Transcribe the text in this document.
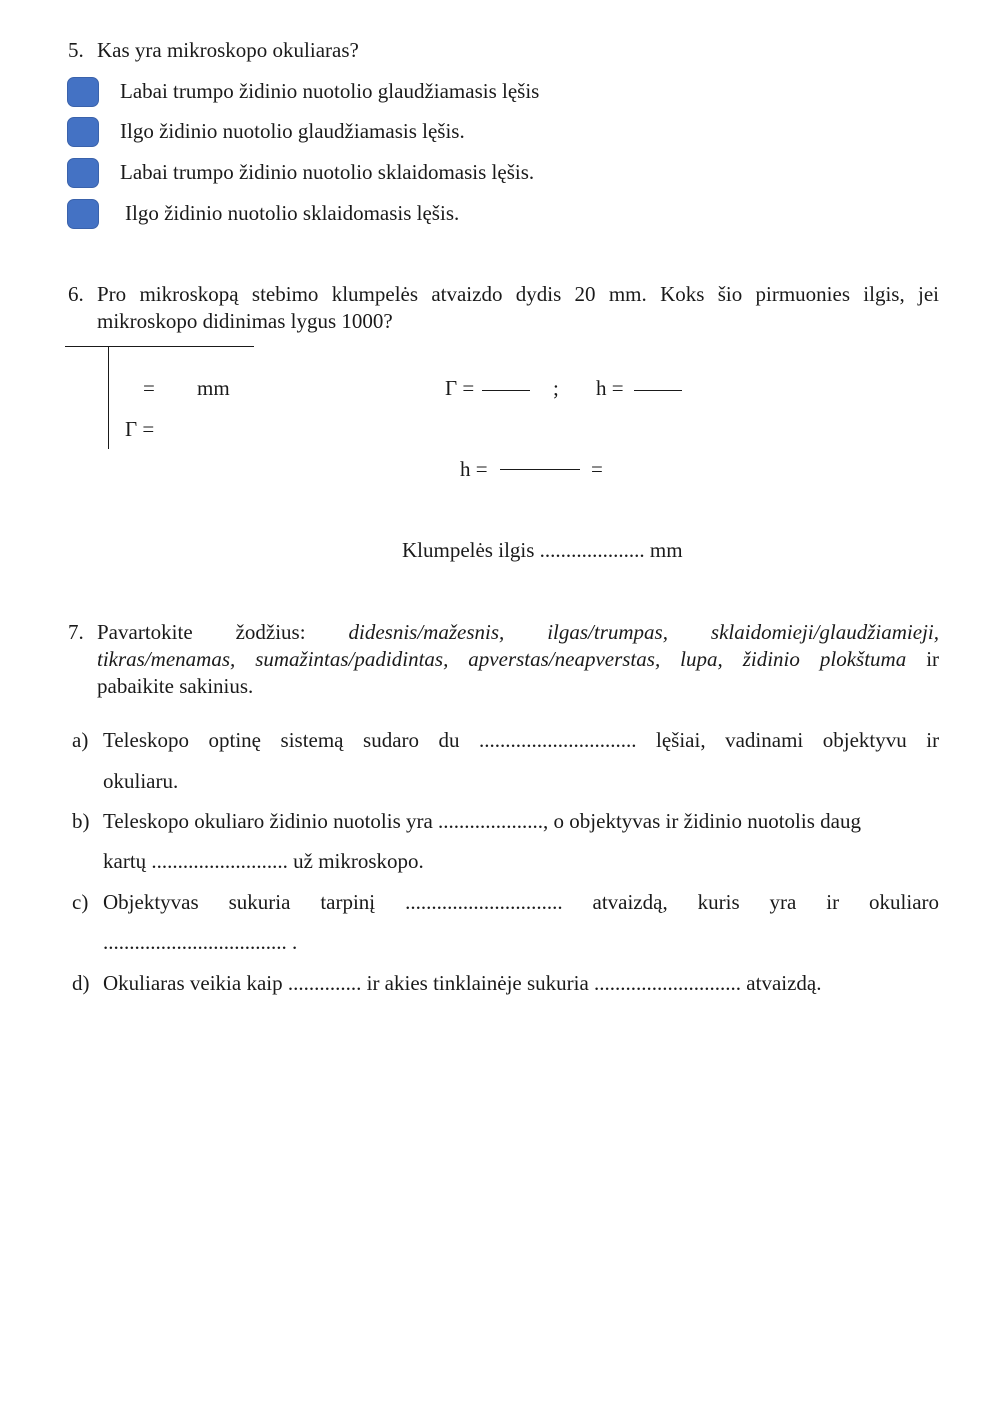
5. Kas yra mikroskopo okuliaras?
Labai trumpo židinio nuotolio glaudžiamasis lęšis
Ilgo židinio nuotolio glaudžiamasis lęšis.
Labai trumpo židinio nuotolio sklaidomasis lęšis.
Ilgo židinio nuotolio sklaidomasis lęšis.
6. Pro mikroskopą stebimo klumpelės atvaizdo dydis 20 mm. Koks šio pirmuonies ilgis, jei
mikroskopo didinimas lygus 1000?
= mm
Γ =
Γ =	; h =
h =	=
Klumpelės ilgis .................... mm
7. Pavartokite žodžius: didesnis/mažesnis, ilgas/trumpas, sklaidomieji/glaudžiamieji,
tikras/menamas, sumažintas/padidintas, apverstas/neapverstas, lupa, židinio plokštuma ir
pabaikite sakinius.
a) Teleskopo optinę sistemą sudaro du .............................. lęšiai, vadinami objektyvu ir
okuliaru.
b) Teleskopo okuliaro židinio nuotolis yra ...................., o objektyvas ir židinio nuotolis daug
kartų .......................... už mikroskopo.
c) Objektyvas sukuria tarpinį .............................. atvaizdą, kuris yra ir okuliaro
................................... .
d) Okuliaras veikia kaip .............. ir akies tinklainėje sukuria ............................ atvaizdą.
